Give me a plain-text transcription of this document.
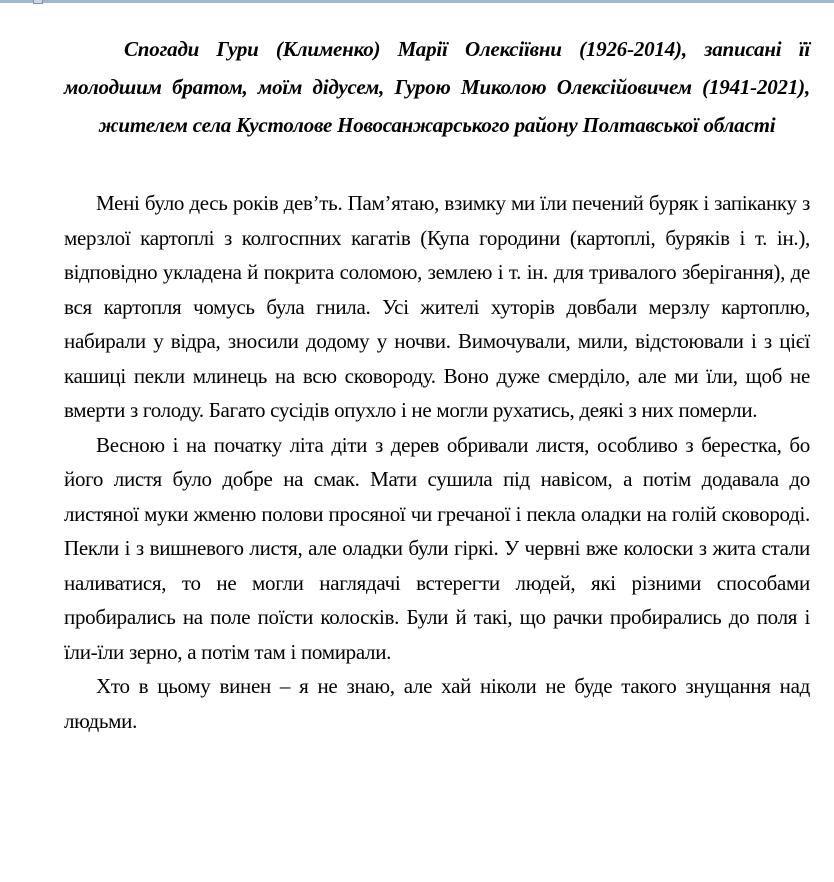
Спогади Гури (Клименко) Марії Олексіївни (1926-2014), записані її молодшим братом, моїм дідусем, Гурою Миколою Олексійовичем (1941-2021), жителем села Кустолове Новосанжарського району Полтавської області

Мені було десь років дев’ть. Пам’ятаю, взимку ми їли печений буряк і запіканку з мерзлої картоплі з колгоспних кагатів (Купа городини (картоплі, буряків і т. ін.), відповідно укладена й покрита соломою, землею і т. ін. для тривалого зберігання), де вся картопля чомусь була гнила. Усі жителі хуторів довбали мерзлу картоплю, набирали у відра, зносили додому у ночви. Вимочували, мили, відстоювали і з цієї кашиці пекли млинець на всю сковороду. Воно дуже смерділо, але ми їли, щоб не вмерти з голоду. Багато сусідів опухло і не могли рухатись, деякі з них померли.

Весною і на початку літа діти з дерев обривали листя, особливо з берестка, бо його листя було добре на смак. Мати сушила під навісом, а потім додавала до листяної муки жменю полови просяної чи гречаної і пекла оладки на голій сковороді. Пекли і з вишневого листя, але оладки були гіркі. У червні вже колоски з жита стали наливатися, то не могли наглядачі встерегти людей, які різними способами пробирались на поле поїсти колосків. Були й такі, що рачки пробирались до поля і їли-їли зерно, а потім там і помирали.

Хто в цьому винен – я не знаю, але хай ніколи не буде такого знущання над людьми.
